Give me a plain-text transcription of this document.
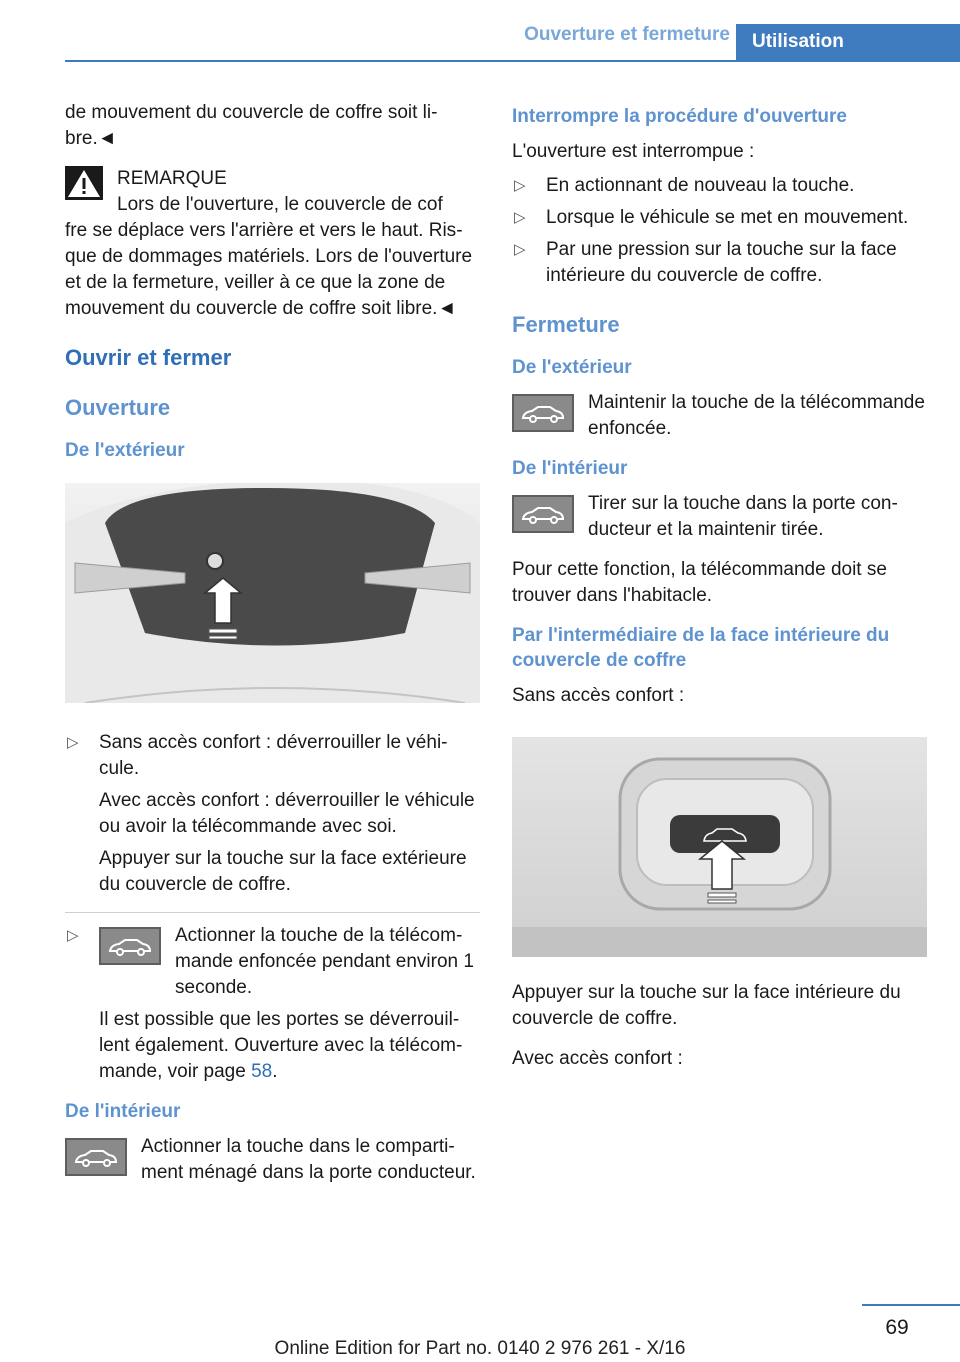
Ouverture et fermeture	Utilisation

de mouvement du couvercle de coffre soit libre.◄

REMARQUE
Lors de l'ouverture, le couvercle de cof

fre se déplace vers l'arrière et vers le haut. Risque de dommages matériels. Lors de l'ouverture et de la fermeture, veiller à ce que la zone de mouvement du couvercle de coffre soit libre.◄

Ouvrir et fermer
Ouverture
De l'extérieur
▷ Sans accès confort : déverrouiller le véhicule.

Avec accès confort : déverrouiller le véhicule ou avoir la télécommande avec soi.

Appuyer sur la touche sur la face extérieure du couvercle de coffre.

▷	Actionner la touche de la télécommande enfoncée pendant environ 1 seconde.

Il est possible que les portes se déverrouillent également. Ouverture avec la télécommande, voir page 58.

De l'intérieur
Actionner la touche dans le compartiment ménagé dans la porte conducteur.
Interrompre la procédure d'ouverture

L'ouverture est interrompue :

▷ En actionnant de nouveau la touche.
▷ Lorsque le véhicule se met en mouvement.
▷ Par une pression sur la touche sur la face intérieure du couvercle de coffre.
Fermeture
De l'extérieur
Maintenir la touche de la télécommande enfoncée.
De l'intérieur
Tirer sur la touche dans la porte conducteur et la maintenir tirée.

Pour cette fonction, la télécommande doit se trouver dans l'habitacle.

Par l'intermédiaire de la face intérieure du couvercle de coffre

Sans accès confort :

Appuyer sur la touche sur la face intérieure du couvercle de coffre.

Avec accès confort :

69
Online Edition for Part no. 0140 2 976 261 - X/16
